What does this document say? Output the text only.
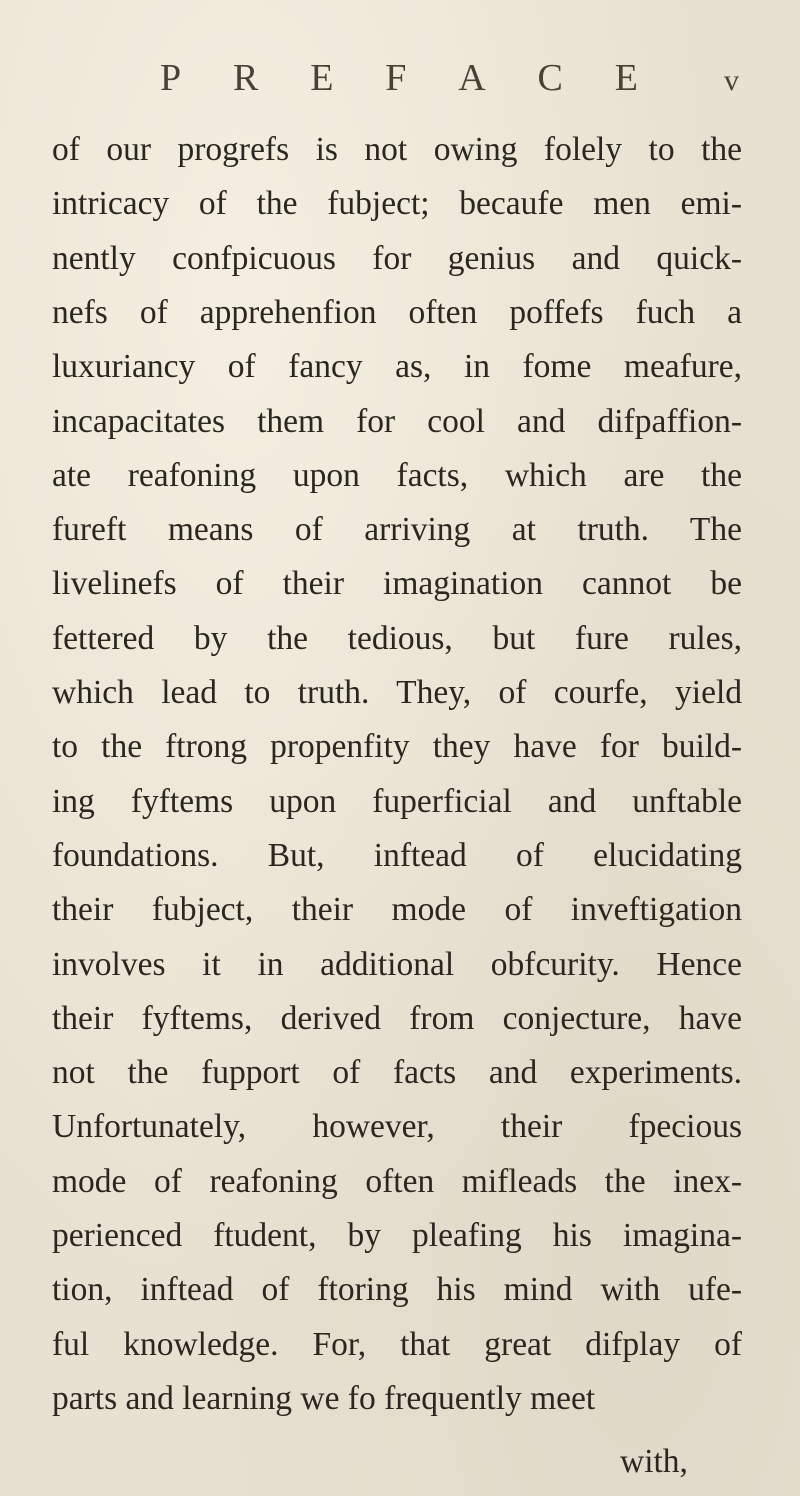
P R E F A C E	v
of our progrefs is not owing folely to the
intricacy of the fubject; becaufe men emi-
nently confpicuous for genius and quick-
nefs of apprehenfion often poffefs fuch a
luxuriancy of fancy as, in fome meafure,
incapacitates them for cool and difpaffion-
ate reafoning upon facts, which are the
fureft means of arriving at truth. The
livelinefs of their imagination cannot be
fettered by the tedious, but fure rules,
which lead to truth. They, of courfe, yield
to the ftrong propenfity they have for build-
ing fyftems upon fuperficial and unftable
foundations. But, inftead of elucidating
their fubject, their mode of inveftigation
involves it in additional obfcurity. Hence
their fyftems, derived from conjecture, have
not the fupport of facts and experiments.
Unfortunately, however, their fpecious
mode of reafoning often mifleads the inex-
perienced ftudent, by pleafing his imagina-
tion, inftead of ftoring his mind with ufe-
ful knowledge. For, that great difplay of
parts and learning we fo frequently meet
with,
